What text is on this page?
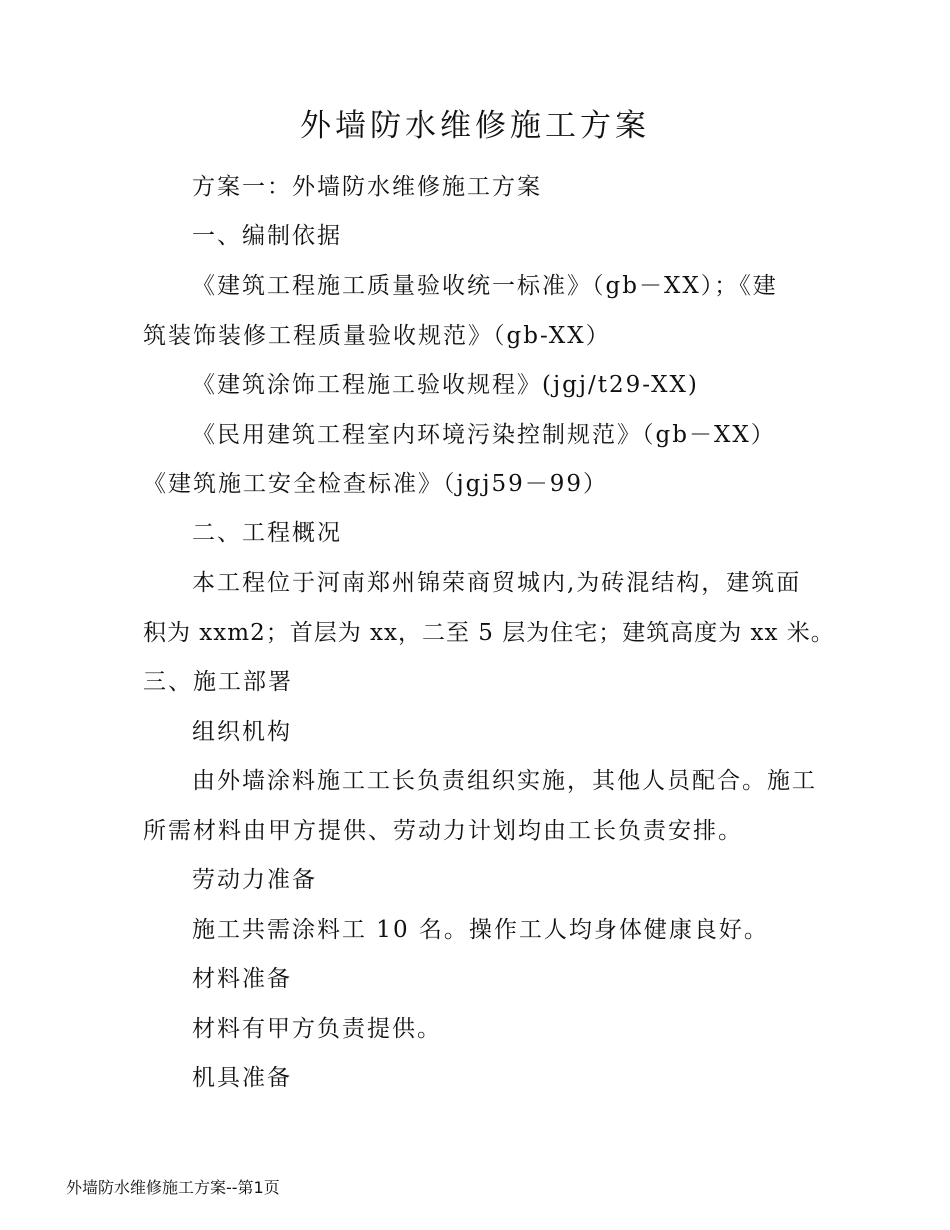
外墙防水维修施工方案
方案一：外墙防水维修施工方案
一、编制依据
《建筑工程施工质量验收统一标准》（gb－XX）；《建
筑装饰装修工程质量验收规范》（gb-XX）
《建筑涂饰工程施工验收规程》(jgj/t29-XX)
《民用建筑工程室内环境污染控制规范》（gb－XX）
《建筑施工安全检查标准》（jgj59－99）
二、工程概况
本工程位于河南郑州锦荣商贸城内,为砖混结构，建筑面
积为 xxm2；首层为 xx，二至 5 层为住宅；建筑高度为 xx 米。
三、施工部署
组织机构
由外墙涂料施工工长负责组织实施，其他人员配合。施工
所需材料由甲方提供、劳动力计划均由工长负责安排。
劳动力准备
施工共需涂料工 10 名。操作工人均身体健康良好。
材料准备
材料有甲方负责提供。
机具准备
外墙防水维修施工方案--第1页
